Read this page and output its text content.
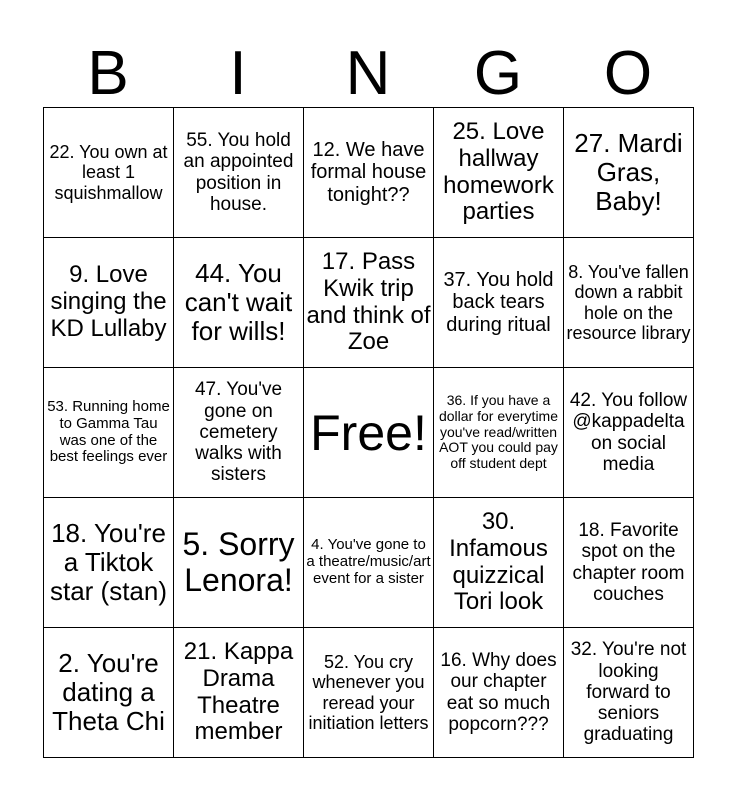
B	I	N	G	O
22. You own at least 1 squishmallow	55. You hold an appointed position in house.	12. We have formal house tonight??	25. Love hallway homework parties	27. Mardi Gras, Baby!
9. Love singing the KD Lullaby	44. You can't wait for wills!	17. Pass Kwik trip and think of Zoe	37. You hold back tears during ritual	8. You've fallen down a rabbit hole on the resource library
53. Running home to Gamma Tau was one of the best feelings ever	47. You've gone on cemetery walks with sisters	Free!	36. If you have a dollar for everytime you've read/written AOT you could pay off student dept	42. You follow @kappadelta on social media
18. You're a Tiktok star (stan)	5. Sorry Lenora!	4. You've gone to a theatre/music/art event for a sister	30. Infamous quizzical Tori look	18. Favorite spot on the chapter room couches
2. You're dating a Theta Chi	21. Kappa Drama Theatre member	52. You cry whenever you reread your initiation letters	16. Why does our chapter eat so much popcorn???	32. You're not looking forward to seniors graduating
